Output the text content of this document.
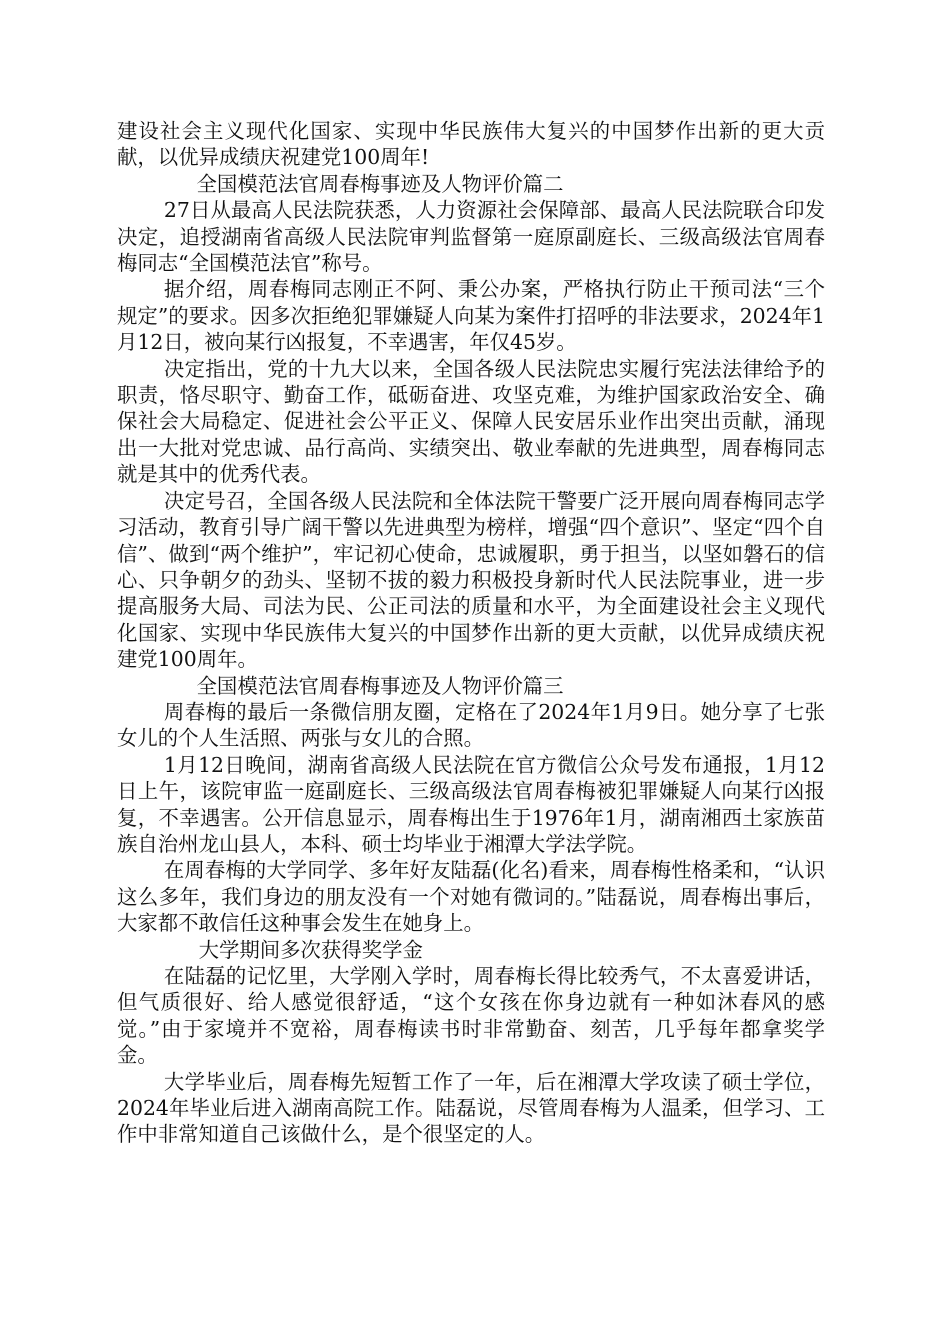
建设社会主义现代化国家、实现中华民族伟大复兴的中国梦作出新的更大贡献，以优异成绩庆祝建党100周年!

全国模范法官周春梅事迹及人物评价篇二

27日从最高人民法院获悉，人力资源社会保障部、最高人民法院联合印发决定，追授湖南省高级人民法院审判监督第一庭原副庭长、三级高级法官周春梅同志“全国模范法官”称号。

据介绍，周春梅同志刚正不阿、秉公办案，严格执行防止干预司法“三个规定”的要求。因多次拒绝犯罪嫌疑人向某为案件打招呼的非法要求，2024年1月12日，被向某行凶报复，不幸遇害，年仅45岁。

决定指出，党的十九大以来，全国各级人民法院忠实履行宪法法律给予的职责，恪尽职守、勤奋工作，砥砺奋进、攻坚克难，为维护国家政治安全、确保社会大局稳定、促进社会公平正义、保障人民安居乐业作出突出贡献，涌现出一大批对党忠诚、品行高尚、实绩突出、敬业奉献的先进典型，周春梅同志就是其中的优秀代表。

决定号召，全国各级人民法院和全体法院干警要广泛开展向周春梅同志学习活动，教育引导广阔干警以先进典型为榜样，增强“四个意识”、坚定“四个自信”、做到“两个维护”，牢记初心使命，忠诚履职，勇于担当，以坚如磐石的信心、只争朝夕的劲头、坚韧不拔的毅力积极投身新时代人民法院事业，进一步提高服务大局、司法为民、公正司法的质量和水平，为全面建设社会主义现代化国家、实现中华民族伟大复兴的中国梦作出新的更大贡献，以优异成绩庆祝建党100周年。

全国模范法官周春梅事迹及人物评价篇三

周春梅的最后一条微信朋友圈，定格在了2024年1月9日。她分享了七张女儿的个人生活照、两张与女儿的合照。

1月12日晚间，湖南省高级人民法院在官方微信公众号发布通报，1月12日上午，该院审监一庭副庭长、三级高级法官周春梅被犯罪嫌疑人向某行凶报复，不幸遇害。公开信息显示，周春梅出生于1976年1月，湖南湘西土家族苗族自治州龙山县人，本科、硕士均毕业于湘潭大学法学院。

在周春梅的大学同学、多年好友陆磊(化名)看来，周春梅性格柔和，“认识这么多年，我们身边的朋友没有一个对她有微词的。”陆磊说，周春梅出事后，大家都不敢信任这种事会发生在她身上。

大学期间多次获得奖学金

在陆磊的记忆里，大学刚入学时，周春梅长得比较秀气，不太喜爱讲话，但气质很好、给人感觉很舒适，“这个女孩在你身边就有一种如沐春风的感觉。”由于家境并不宽裕，周春梅读书时非常勤奋、刻苦，几乎每年都拿奖学金。

大学毕业后，周春梅先短暂工作了一年，后在湘潭大学攻读了硕士学位，2024年毕业后进入湖南高院工作。陆磊说，尽管周春梅为人温柔，但学习、工作中非常知道自己该做什么，是个很坚定的人。
